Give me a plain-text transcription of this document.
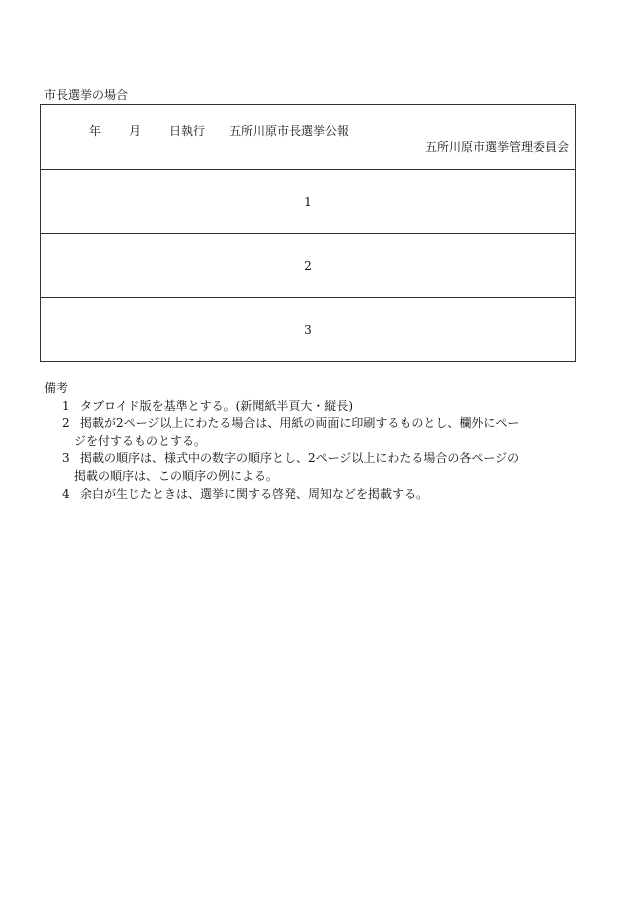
市長選挙の場合
年 月 日執行 五所川原市長選挙公報
五所川原市選挙管理委員会
1
2
3
備考
1 タブロイド版を基準とする。(新聞紙半頁大・縦長)
2 掲載が2ページ以上にわたる場合は、用紙の両面に印刷するものとし、欄外にペー
ジを付するものとする。
3 掲載の順序は、様式中の数字の順序とし、2ページ以上にわたる場合の各ページの
掲載の順序は、この順序の例による。
4 余白が生じたときは、選挙に関する啓発、周知などを掲載する。
